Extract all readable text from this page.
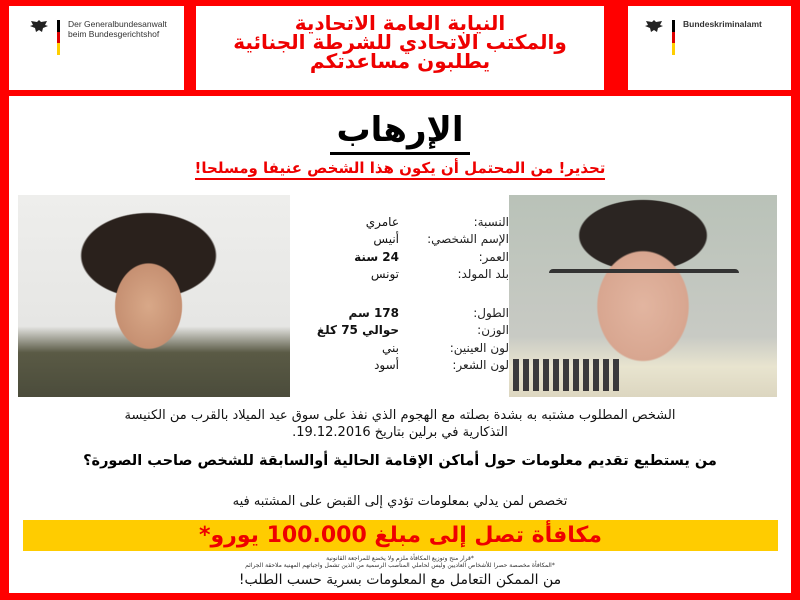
Der Generalbundesanwalt
beim Bundesgerichtshof	النيابة العامة الاتحادية
والمكتب الاتحادي للشرطة الجنائية
يطلبون مساعدتكم
Bundeskriminalamt
الإرهاب
تحذير! من المحتمل أن يكون هذا الشخص عنيفا ومسلحا!
النسبة:
عامري
الإسم الشخصي:
أنيس
العمر:
24 سنة
بلد المولد:
تونس
الطول:
178 سم
الوزن:
حوالي 75 كلغ
لون العينين:
بني
لون الشعر:
أسود
الشخص المطلوب مشتبه به بشدة بصلته مع الهجوم الذي نفذ على سوق عيد الميلاد بالقرب من الكنيسة
التذكارية في برلين بتاريخ 19.12.2016.
من يستطيع تقديم معلومات حول أماكن الإقامة الحالية أوالسابقة للشخص صاحب الصورة؟
تخصص لمن يدلي بمعلومات تؤدي إلى القبض على المشتبه فيه
مكافأة تصل إلى مبلغ 100.000 يورو*
*قرار منح وتوزيع المكافأة ملزم ولا يخضع للمراجعة القانونية
*المكافأة مخصصة حصرا للأشخاص العاديين وليس لحاملي المناصب الرسمية من الذين تشمل واجباتهم المهنية ملاحقة الجرائم
من الممكن التعامل مع المعلومات بسرية حسب الطلب!
